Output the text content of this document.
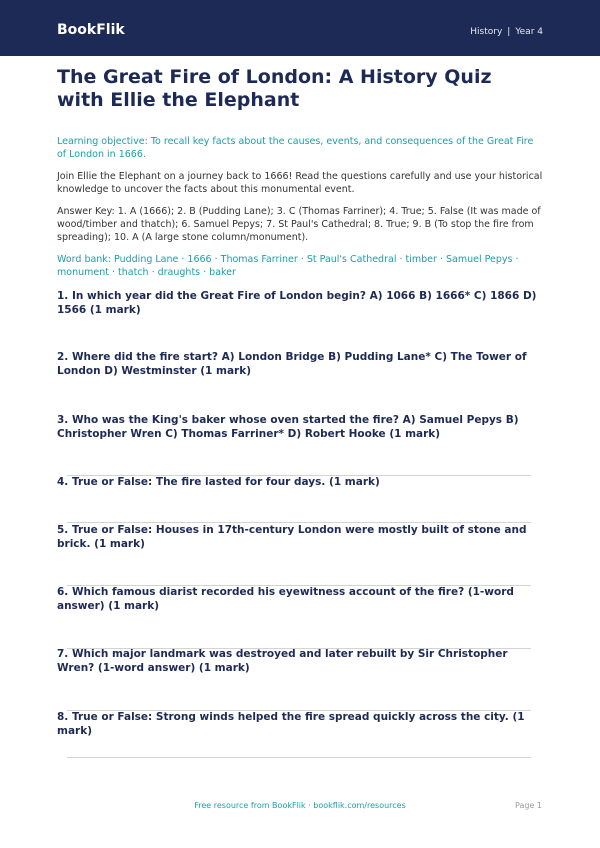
BookFlik	History | Year 4
The Great Fire of London: A History Quiz with Ellie the Elephant

Learning objective: To recall key facts about the causes, events, and consequences of the Great Fire of London in 1666.

Join Ellie the Elephant on a journey back to 1666! Read the questions carefully and use your historical knowledge to uncover the facts about this monumental event.

Answer Key: 1. A (1666); 2. B (Pudding Lane); 3. C (Thomas Farriner); 4. True; 5. False (It was made of wood/timber and thatch); 6. Samuel Pepys; 7. St Paul's Cathedral; 8. True; 9. B (To stop the fire from spreading); 10. A (A large stone column/monument).

Word bank: Pudding Lane · 1666 · Thomas Farriner · St Paul's Cathedral · timber · Samuel Pepys · monument · thatch · draughts · baker

1. In which year did the Great Fire of London begin? A) 1066 B) 1666* C) 1866 D) 1566 (1 mark)
2. Where did the fire start? A) London Bridge B) Pudding Lane* C) The Tower of London D) Westminster (1 mark)
3. Who was the King's baker whose oven started the fire? A) Samuel Pepys B) Christopher Wren C) Thomas Farriner* D) Robert Hooke (1 mark)
4. True or False: The fire lasted for four days. (1 mark)
5. True or False: Houses in 17th-century London were mostly built of stone and brick. (1 mark)
6. Which famous diarist recorded his eyewitness account of the fire? (1-word answer) (1 mark)
7. Which major landmark was destroyed and later rebuilt by Sir Christopher Wren? (1-word answer) (1 mark)
8. True or False: Strong winds helped the fire spread quickly across the city. (1 mark)
Free resource from BookFlik · bookflik.com/resources	Page 1
